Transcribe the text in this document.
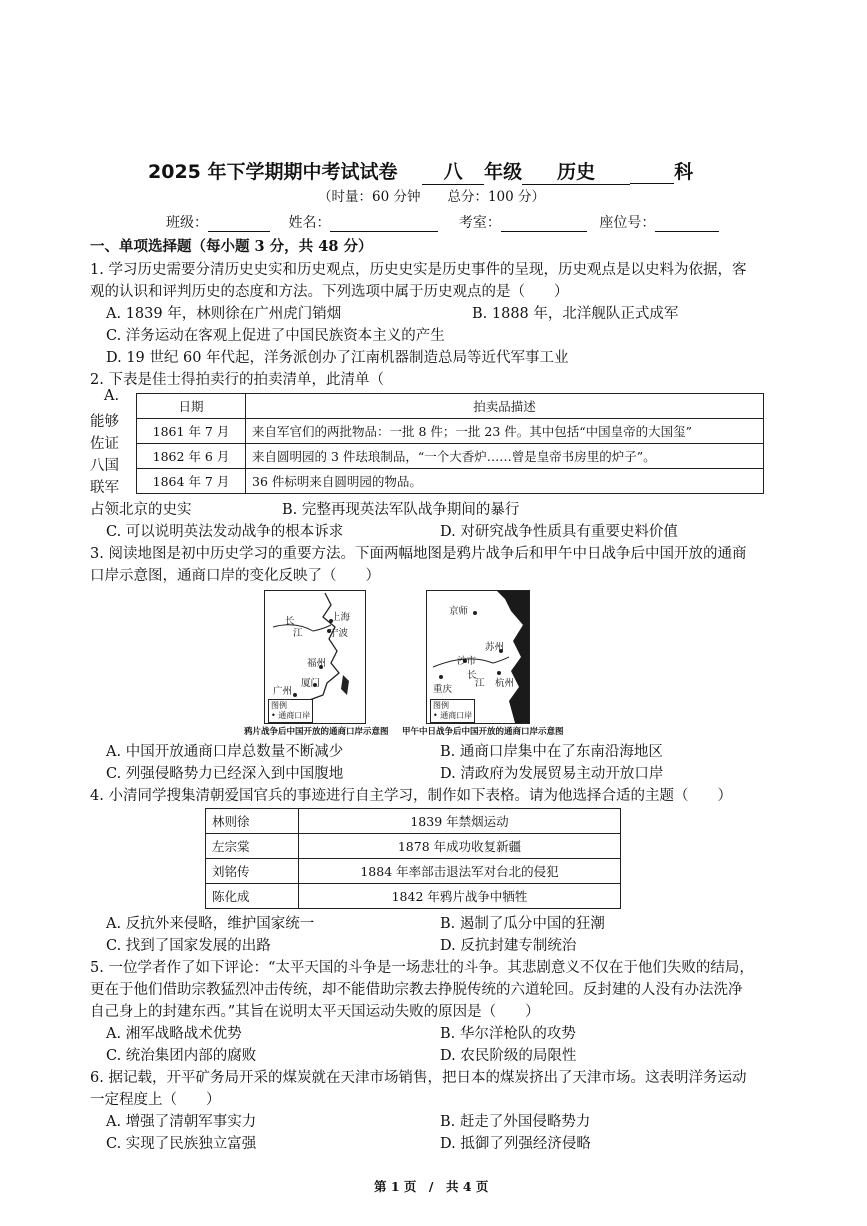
2025 年下学期期中考试试卷 八 年级 历史	科
（时量：60 分钟　　总分：100 分）
班级：	姓名：	考室：	座位号：
一、单项选择题（每小题 3 分，共 48 分）
1. 学习历史需要分清历史史实和历史观点，历史史实是历史事件的呈现，历史观点是以史料为依据，客
观的认识和评判历史的态度和方法。下列选项中属于历史观点的是（　　）
A. 1839 年，林则徐在广州虎门销烟	B. 1888 年，北洋舰队正式成军
C. 洋务运动在客观上促进了中国民族资本主义的产生
D. 19 世纪 60 年代起，洋务派创办了江南机器制造总局等近代军事工业
2. 下表是佳士得拍卖行的拍卖清单，此清单（
A.
能够
佐证
八国
联军
日期	拍卖品描述
1861 年 7 月	来自军官们的两批物品：一批 8 件；一批 23 件。其中包括“中国皇帝的大国玺”
1862 年 6 月	来自圆明园的 3 件珐琅制品，“一个大香炉……曾是皇帝书房里的炉子”。
1864 年 7 月	36 件标明来自圆明园的物品。
占领北京的史实	B. 完整再现英法军队战争期间的暴行
C. 可以说明英法发动战争的根本诉求	D. 对研究战争性质具有重要史料价值
3. 阅读地图是初中历史学习的重要方法。下面两幅地图是鸦片战争后和甲午中日战争后中国开放的通商
口岸示意图，通商口岸的变化反映了（　　）
长
江
上海
宁波
福州
厦门
广州
图例
• 通商口岸
鸦片战争后中国开放的通商口岸示意图
京师
苏州
沙市
长
江 杭州
重庆
图例
• 通商口岸
甲午中日战争后中国开放的通商口岸示意图
A. 中国开放通商口岸总数量不断减少	B. 通商口岸集中在了东南沿海地区
C. 列强侵略势力已经深入到中国腹地	D. 清政府为发展贸易主动开放口岸
4. 小清同学搜集清朝爱国官兵的事迹进行自主学习，制作如下表格。请为他选择合适的主题（　　）
林则徐	1839 年禁烟运动
左宗棠	1878 年成功收复新疆
刘铭传	1884 年率部击退法军对台北的侵犯
陈化成	1842 年鸦片战争中牺牲
A. 反抗外来侵略，维护国家统一	B. 遏制了瓜分中国的狂潮
C. 找到了国家发展的出路	D. 反抗封建专制统治
5. 一位学者作了如下评论：“太平天国的斗争是一场悲壮的斗争。其悲剧意义不仅在于他们失败的结局，
更在于他们借助宗教猛烈冲击传统，却不能借助宗教去挣脱传统的六道轮回。反封建的人没有办法洗净
自己身上的封建东西。”其旨在说明太平天国运动失败的原因是（　　）
A. 湘军战略战术优势	B. 华尔洋枪队的攻势
C. 统治集团内部的腐败	D. 农民阶级的局限性
6. 据记载，开平矿务局开采的煤炭就在天津市场销售，把日本的煤炭挤出了天津市场。这表明洋务运动
一定程度上（　　）
A. 增强了清朝军事实力	B. 赶走了外国侵略势力
C. 实现了民族独立富强	D. 抵御了列强经济侵略
第 1 页　/　共 4 页
